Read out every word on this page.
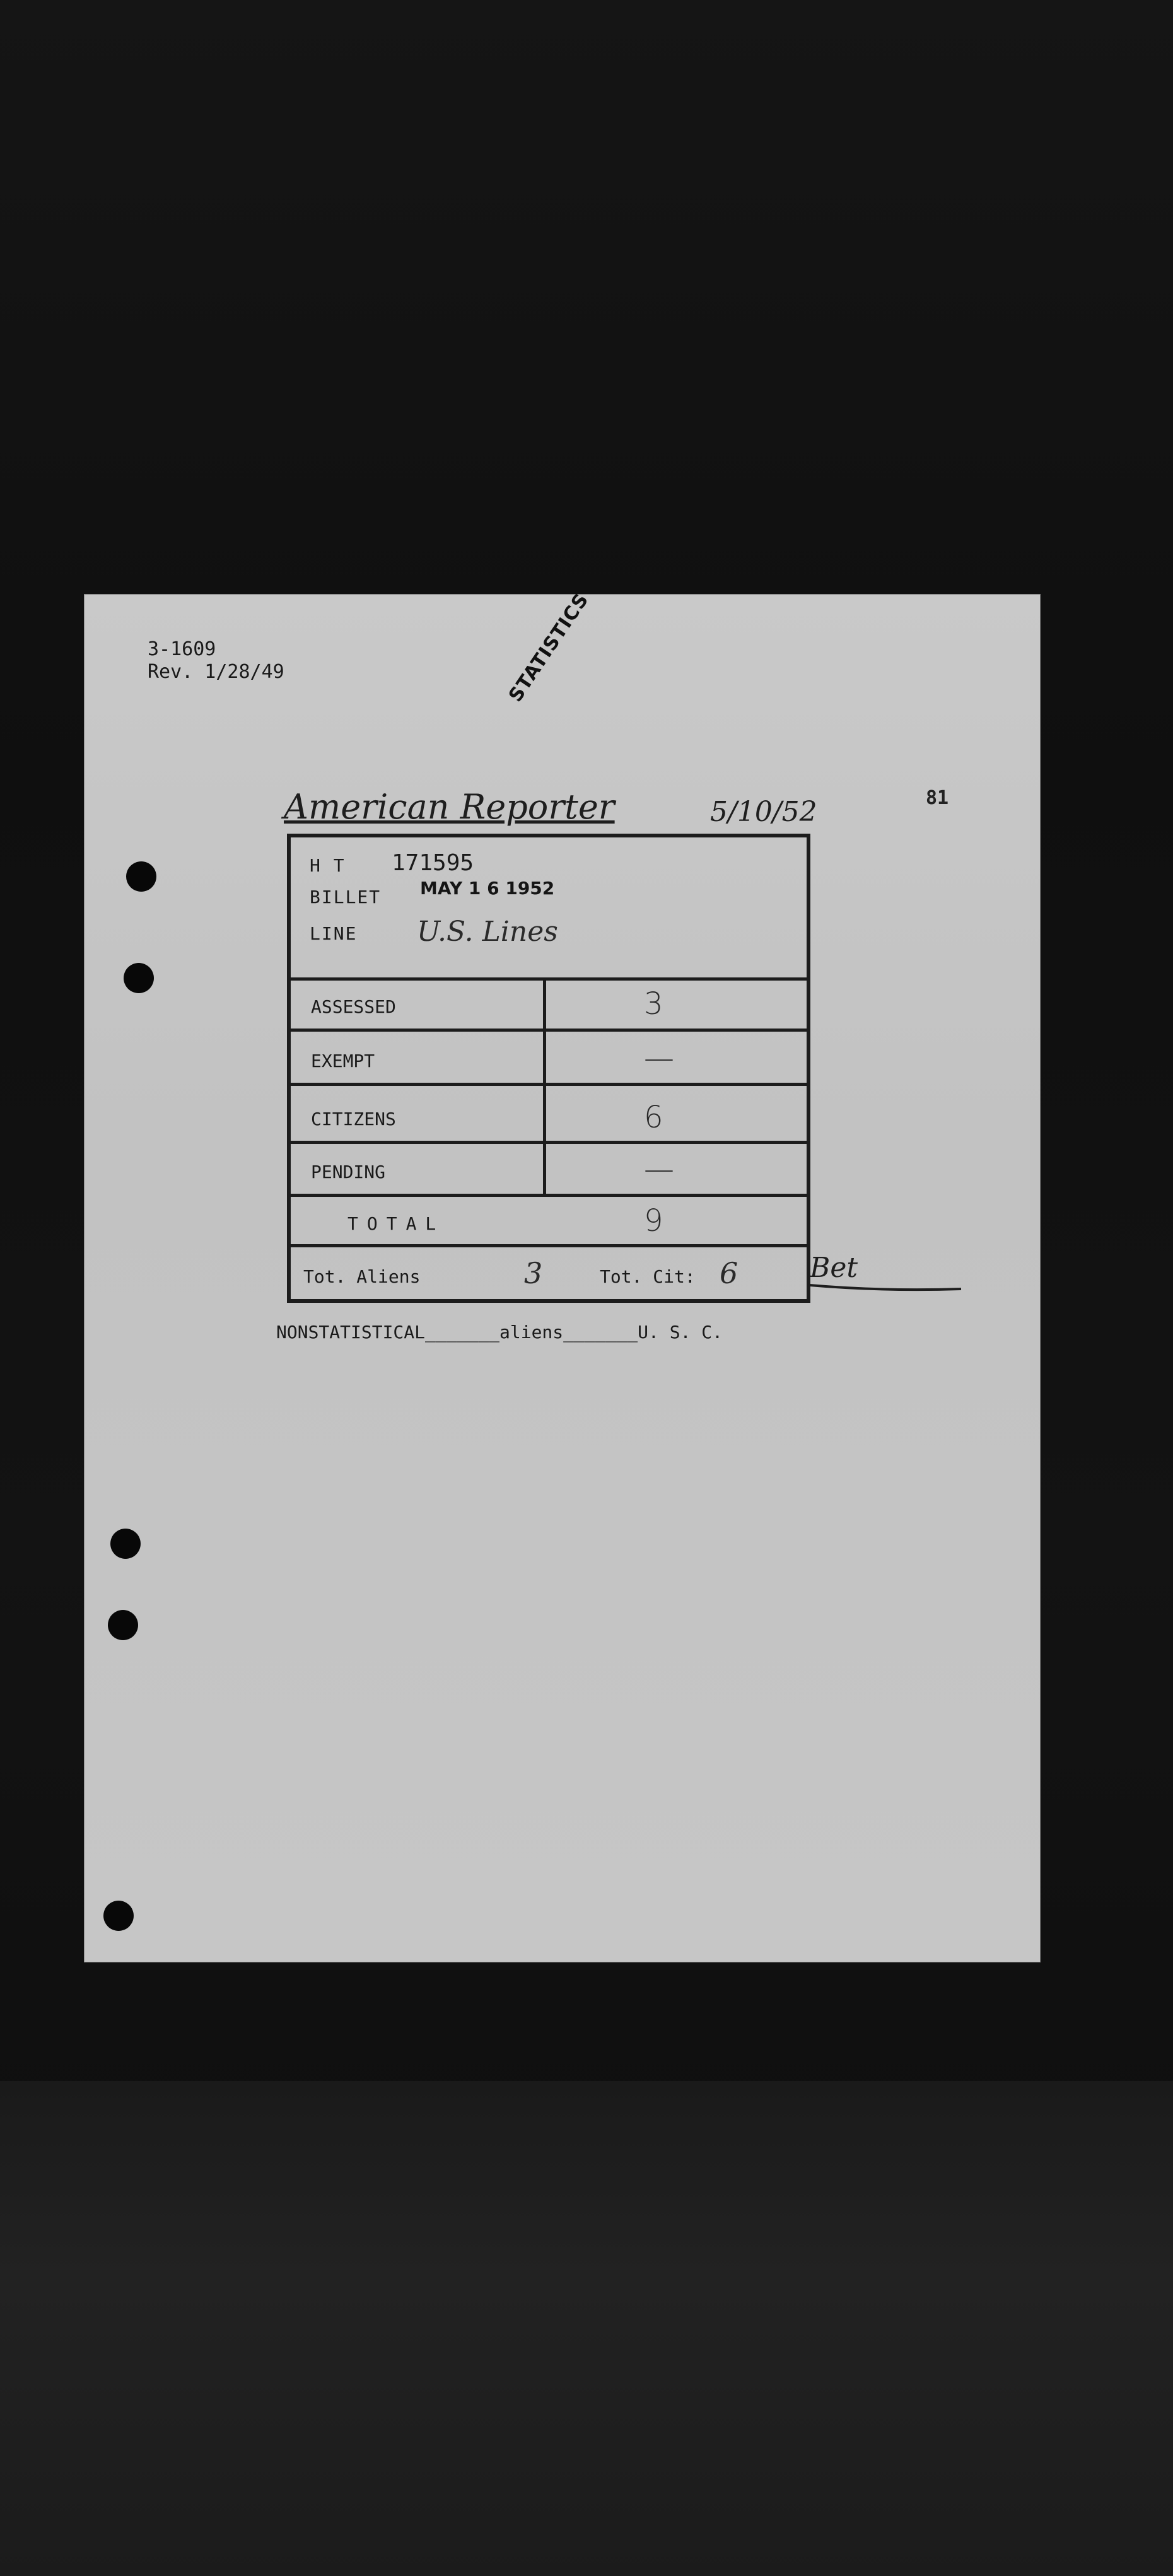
3-1609
Rev. 1/28/49	STATISTICS
American Reporter	5/10/52	81
H T 171595
BILLET MAY 1 6 1952
LINE U.S. Lines
ASSESSED	3
EXEMPT	—
CITIZENS	6
PENDING	—
TOTAL	9
Tot. Aliens	3	Tot. Cit: 6	Bet
NONSTATISTICAL_______aliens_______U. S. C.
